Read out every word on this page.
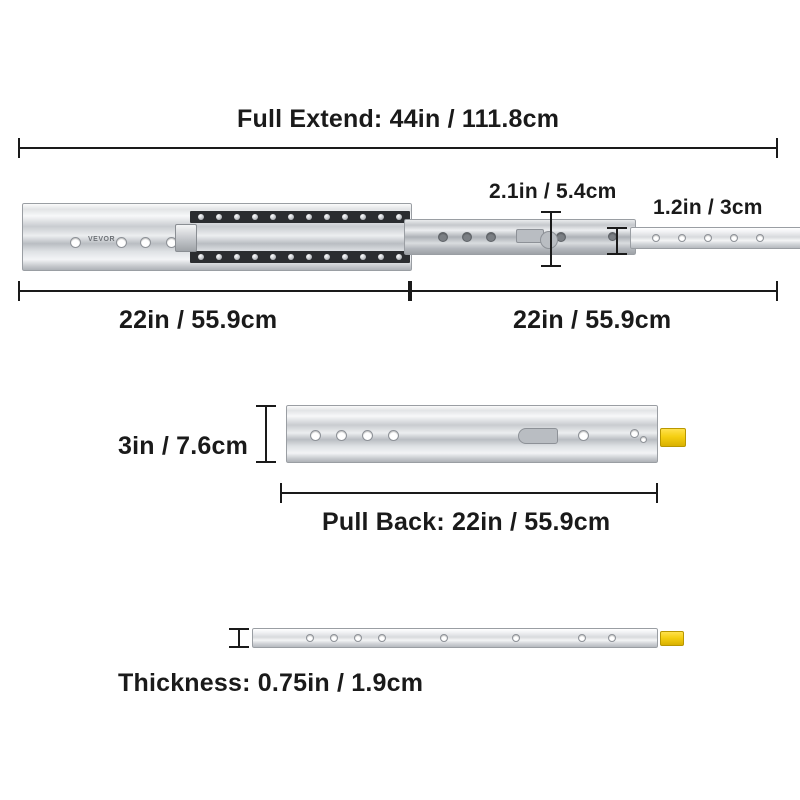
Full Extend: 44in / 111.8cm
VEVOR
2.1in / 5.4cm
1.2in / 3cm
22in / 55.9cm	22in / 55.9cm
3in / 7.6cm
Pull Back: 22in / 55.9cm
Thickness: 0.75in / 1.9cm
